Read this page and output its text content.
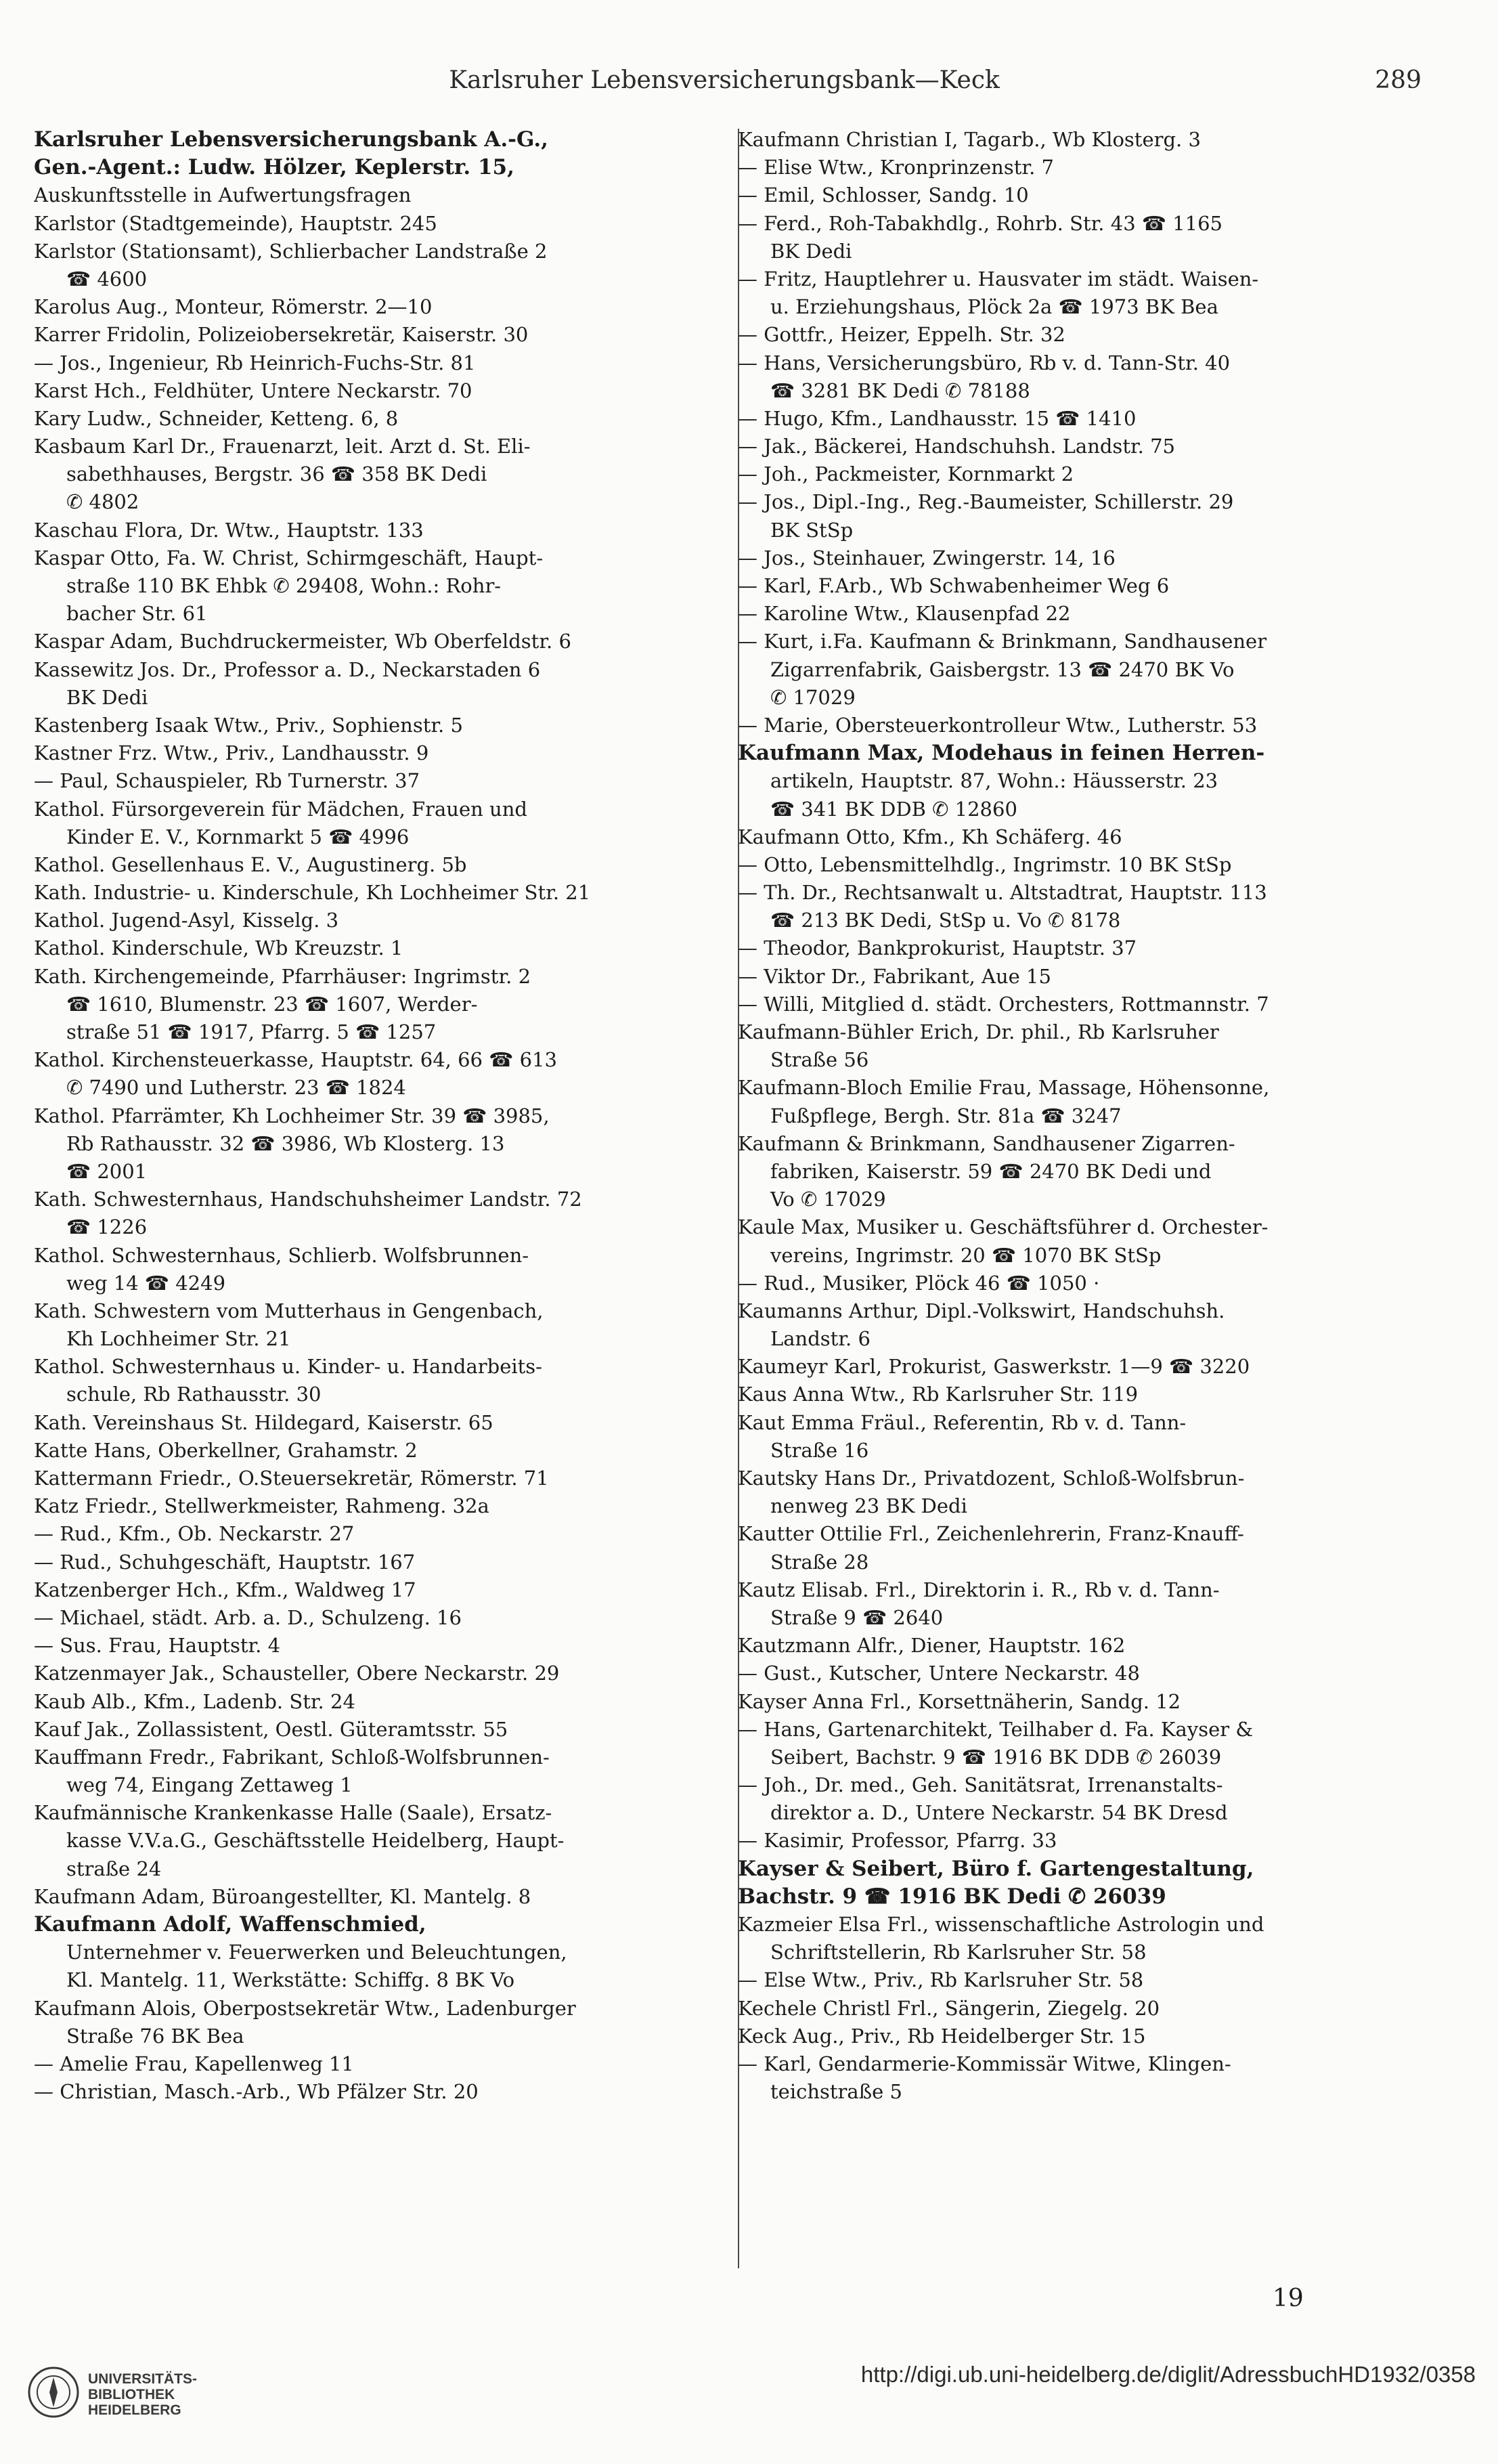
Karlsruher Lebensversicherungsbank—Keck	289
Karlsruher Lebensversicherungsbank A.-G.,
Gen.-Agent.: Ludw. Hölzer, Keplerstr. 15,
Auskunftsstelle in Aufwertungsfragen
Karlstor (Stadtgemeinde), Hauptstr. 245
Karlstor (Stationsamt), Schlierbacher Landstraße 2
☎ 4600
Karolus Aug., Monteur, Römerstr. 2—10
Karrer Fridolin, Polizeiobersekretär, Kaiserstr. 30
— Jos., Ingenieur, Rb Heinrich-Fuchs-Str. 81
Karst Hch., Feldhüter, Untere Neckarstr. 70
Kary Ludw., Schneider, Ketteng. 6, 8
Kasbaum Karl Dr., Frauenarzt, leit. Arzt d. St. Eli-
sabethhauses, Bergstr. 36 ☎ 358 BK Dedi
✆ 4802
Kaschau Flora, Dr. Wtw., Hauptstr. 133
Kaspar Otto, Fa. W. Christ, Schirmgeschäft, Haupt-
straße 110 BK Ehbk ✆ 29408, Wohn.: Rohr-
bacher Str. 61
Kaspar Adam, Buchdruckermeister, Wb Oberfeldstr. 6
Kassewitz Jos. Dr., Professor a. D., Neckarstaden 6
BK Dedi
Kastenberg Isaak Wtw., Priv., Sophienstr. 5
Kastner Frz. Wtw., Priv., Landhausstr. 9
— Paul, Schauspieler, Rb Turnerstr. 37
Kathol. Fürsorgeverein für Mädchen, Frauen und
Kinder E. V., Kornmarkt 5 ☎ 4996
Kathol. Gesellenhaus E. V., Augustinerg. 5b
Kath. Industrie- u. Kinderschule, Kh Lochheimer Str. 21
Kathol. Jugend-Asyl, Kisselg. 3
Kathol. Kinderschule, Wb Kreuzstr. 1
Kath. Kirchengemeinde, Pfarrhäuser: Ingrimstr. 2
☎ 1610, Blumenstr. 23 ☎ 1607, Werder-
straße 51 ☎ 1917, Pfarrg. 5 ☎ 1257
Kathol. Kirchensteuerkasse, Hauptstr. 64, 66 ☎ 613
✆ 7490 und Lutherstr. 23 ☎ 1824
Kathol. Pfarrämter, Kh Lochheimer Str. 39 ☎ 3985,
Rb Rathausstr. 32 ☎ 3986, Wb Klosterg. 13
☎ 2001
Kath. Schwesternhaus, Handschuhsheimer Landstr. 72
☎ 1226
Kathol. Schwesternhaus, Schlierb. Wolfsbrunnen-
weg 14 ☎ 4249
Kath. Schwestern vom Mutterhaus in Gengenbach,
Kh Lochheimer Str. 21
Kathol. Schwesternhaus u. Kinder- u. Handarbeits-
schule, Rb Rathausstr. 30
Kath. Vereinshaus St. Hildegard, Kaiserstr. 65
Katte Hans, Oberkellner, Grahamstr. 2
Kattermann Friedr., O.Steuersekretär, Römerstr. 71
Katz Friedr., Stellwerkmeister, Rahmeng. 32a
— Rud., Kfm., Ob. Neckarstr. 27
— Rud., Schuhgeschäft, Hauptstr. 167
Katzenberger Hch., Kfm., Waldweg 17
— Michael, städt. Arb. a. D., Schulzeng. 16
— Sus. Frau, Hauptstr. 4
Katzenmayer Jak., Schausteller, Obere Neckarstr. 29
Kaub Alb., Kfm., Ladenb. Str. 24
Kauf Jak., Zollassistent, Oestl. Güteramtsstr. 55
Kauffmann Fredr., Fabrikant, Schloß-Wolfsbrunnen-
weg 74, Eingang Zettaweg 1
Kaufmännische Krankenkasse Halle (Saale), Ersatz-
kasse V.V.a.G., Geschäftsstelle Heidelberg, Haupt-
straße 24
Kaufmann Adam, Büroangestellter, Kl. Mantelg. 8
Kaufmann Adolf, Waffenschmied,
Unternehmer v. Feuerwerken und Beleuchtungen,
Kl. Mantelg. 11, Werkstätte: Schiffg. 8 BK Vo
Kaufmann Alois, Oberpostsekretär Wtw., Ladenburger
Straße 76 BK Bea
— Amelie Frau, Kapellenweg 11
— Christian, Masch.-Arb., Wb Pfälzer Str. 20
Kaufmann Christian I, Tagarb., Wb Klosterg. 3
— Elise Wtw., Kronprinzenstr. 7
— Emil, Schlosser, Sandg. 10
— Ferd., Roh-Tabakhdlg., Rohrb. Str. 43 ☎ 1165
BK Dedi
— Fritz, Hauptlehrer u. Hausvater im städt. Waisen-
u. Erziehungshaus, Plöck 2a ☎ 1973 BK Bea
— Gottfr., Heizer, Eppelh. Str. 32
— Hans, Versicherungsbüro, Rb v. d. Tann-Str. 40
☎ 3281 BK Dedi ✆ 78188
— Hugo, Kfm., Landhausstr. 15 ☎ 1410
— Jak., Bäckerei, Handschuhsh. Landstr. 75
— Joh., Packmeister, Kornmarkt 2
— Jos., Dipl.-Ing., Reg.-Baumeister, Schillerstr. 29
BK StSp
— Jos., Steinhauer, Zwingerstr. 14, 16
— Karl, F.Arb., Wb Schwabenheimer Weg 6
— Karoline Wtw., Klausenpfad 22
— Kurt, i.Fa. Kaufmann & Brinkmann, Sandhausener
Zigarrenfabrik, Gaisbergstr. 13 ☎ 2470 BK Vo
✆ 17029
— Marie, Obersteuerkontrolleur Wtw., Lutherstr. 53
Kaufmann Max, Modehaus in feinen Herren-
artikeln, Hauptstr. 87, Wohn.: Häusserstr. 23
☎ 341 BK DDB ✆ 12860
Kaufmann Otto, Kfm., Kh Schäferg. 46
— Otto, Lebensmittelhdlg., Ingrimstr. 10 BK StSp
— Th. Dr., Rechtsanwalt u. Altstadtrat, Hauptstr. 113
☎ 213 BK Dedi, StSp u. Vo ✆ 8178
— Theodor, Bankprokurist, Hauptstr. 37
— Viktor Dr., Fabrikant, Aue 15
— Willi, Mitglied d. städt. Orchesters, Rottmannstr. 7
Kaufmann-Bühler Erich, Dr. phil., Rb Karlsruher
Straße 56
Kaufmann-Bloch Emilie Frau, Massage, Höhensonne,
Fußpflege, Bergh. Str. 81a ☎ 3247
Kaufmann & Brinkmann, Sandhausener Zigarren-
fabriken, Kaiserstr. 59 ☎ 2470 BK Dedi und
Vo ✆ 17029
Kaule Max, Musiker u. Geschäftsführer d. Orchester-
vereins, Ingrimstr. 20 ☎ 1070 BK StSp
— Rud., Musiker, Plöck 46 ☎ 1050 ·
Kaumanns Arthur, Dipl.-Volkswirt, Handschuhsh.
Landstr. 6
Kaumeyr Karl, Prokurist, Gaswerkstr. 1—9 ☎ 3220
Kaus Anna Wtw., Rb Karlsruher Str. 119
Kaut Emma Fräul., Referentin, Rb v. d. Tann-
Straße 16
Kautsky Hans Dr., Privatdozent, Schloß-Wolfsbrun-
nenweg 23 BK Dedi
Kautter Ottilie Frl., Zeichenlehrerin, Franz-Knauff-
Straße 28
Kautz Elisab. Frl., Direktorin i. R., Rb v. d. Tann-
Straße 9 ☎ 2640
Kautzmann Alfr., Diener, Hauptstr. 162
— Gust., Kutscher, Untere Neckarstr. 48
Kayser Anna Frl., Korsettnäherin, Sandg. 12
— Hans, Gartenarchitekt, Teilhaber d. Fa. Kayser &
Seibert, Bachstr. 9 ☎ 1916 BK DDB ✆ 26039
— Joh., Dr. med., Geh. Sanitätsrat, Irrenanstalts-
direktor a. D., Untere Neckarstr. 54 BK Dresd
— Kasimir, Professor, Pfarrg. 33
Kayser & Seibert, Büro f. Gartengestaltung,
Bachstr. 9 ☎ 1916 BK Dedi ✆ 26039
Kazmeier Elsa Frl., wissenschaftliche Astrologin und
Schriftstellerin, Rb Karlsruher Str. 58
— Else Wtw., Priv., Rb Karlsruher Str. 58
Kechele Christl Frl., Sängerin, Ziegelg. 20
Keck Aug., Priv., Rb Heidelberger Str. 15
— Karl, Gendarmerie-Kommissär Witwe, Klingen-
teichstraße 5
19
UNIVERSITÄTS-
BIBLIOTHEK
HEIDELBERG
http://digi.ub.uni-heidelberg.de/diglit/AdressbuchHD1932/0358
